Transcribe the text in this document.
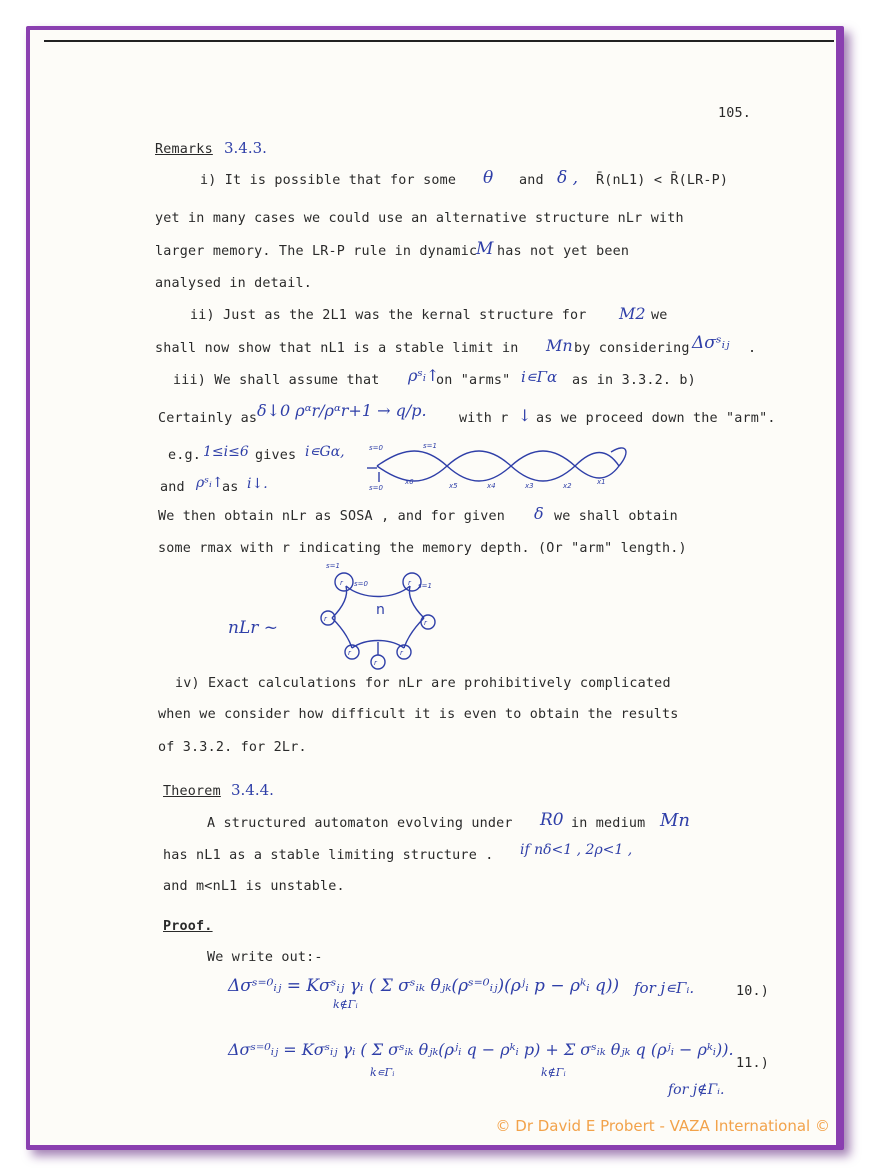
105.
Remarks 3.4.3.
i) It is possible that for some θ and δ , R̄(nL1) < R̄(LR-P)
yet in many cases we could use an alternative structure nLr with
larger memory. The LR-P rule in dynamic
M has not yet been
analysed in detail.
ii) Just as the 2L1 was the kernal structure for M2 we
shall now show that nL1 is a stable limit in Mn by considering Δσˢᵢⱼ .
iii) We shall assume that ρˢᵢ↑
on "arms" i∊Γα as in 3.3.2. b)
Certainly as δ↓0 ρᵅr/ρᵅr+1 → q/p. with r ↓ as we proceed down the "arm".
e.g. 1≤i≤6 gives i∊Gα,
and ρˢᵢ↑
as i↓.
s=0	s=1
s=0
x6	x5	x4	x3	x2	x1
We then obtain nLr as SOSA , and for given δ we shall obtain
some rmax with r indicating the memory depth. (Or "arm" length.)
nLr ~
n
r	r
r	r
r	r
r
s=1
s=0	s=1
iv) Exact calculations for nLr are prohibitively complicated
when we consider how difficult it is even to obtain the results
of 3.3.2. for 2Lr.
Theorem 3.4.4.
A structured automaton evolving under R0 in medium Mn
has nL1 as a stable limiting structure . if nδ<1 , 2ρ<1 ,
and m<nL1 is unstable.
Proof.
We write out:-
Δσˢ⁼⁰ᵢⱼ = Kσˢᵢⱼ γᵢ ( Σ σˢᵢₖ θⱼₖ(ρˢ⁼⁰ᵢⱼ)(ρʲᵢ p − ρᵏᵢ q))
k∉Γᵢ
for j∊Γᵢ.	10.)
Δσˢ⁼⁰ᵢⱼ = Kσˢᵢⱼ γᵢ ( Σ σˢᵢₖ θⱼₖ(ρʲᵢ q − ρᵏᵢ p) + Σ σˢᵢₖ θⱼₖ q (ρʲᵢ − ρᵏᵢ)).
k∊Γᵢ	k∉Γᵢ
11.)
for j∉Γᵢ.
© Dr David E Probert - VAZA International ©
